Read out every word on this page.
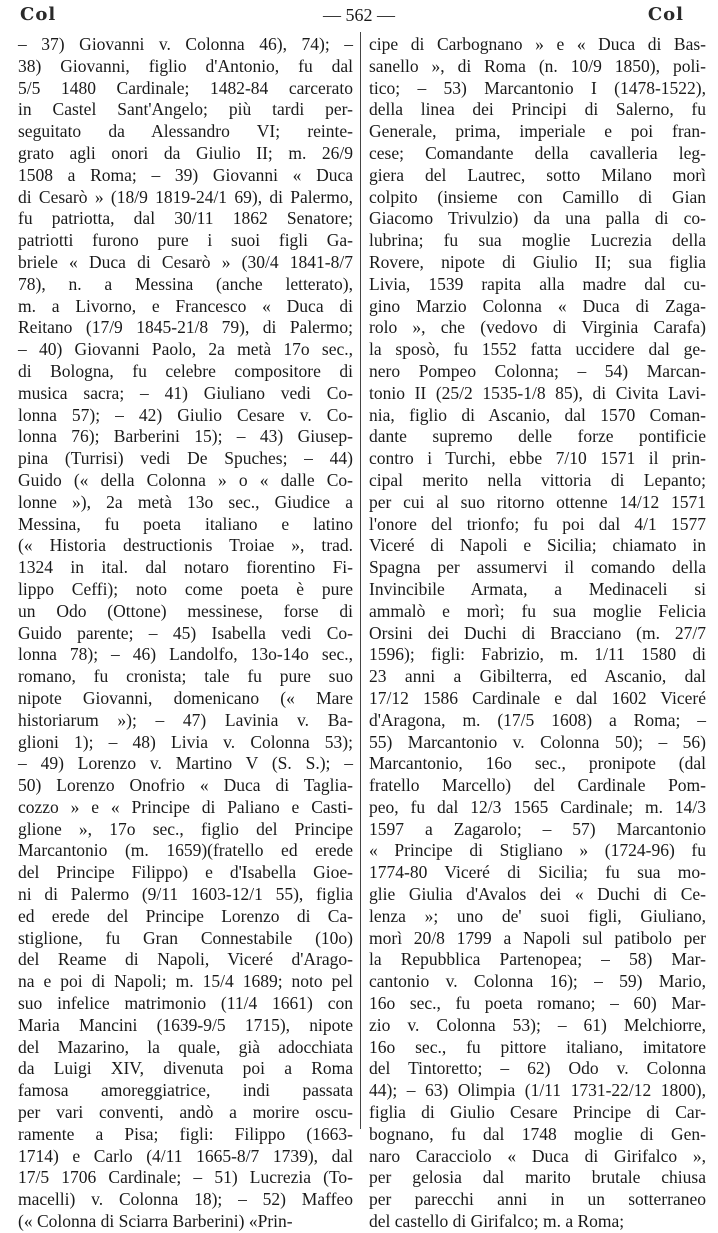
Col	— 562 —	Col
– 37) Giovanni v. Colonna 46), 74); –
38) Giovanni, figlio d'Antonio, fu dal
5/5 1480 Cardinale; 1482-84 carcerato
in Castel Sant'Angelo; più tardi per-
seguitato da Alessandro VI; reinte-
grato agli onori da Giulio II; m. 26/9
1508 a Roma; – 39) Giovanni « Duca
di Cesarò » (18/9 1819-24/1 69), di Palermo,
fu patriotta, dal 30/11 1862 Senatore;
patriotti furono pure i suoi figli Ga-
briele « Duca di Cesarò » (30/4 1841-8/7
78), n. a Messina (anche letterato),
m. a Livorno, e Francesco « Duca di
Reitano (17/9 1845-21/8 79), di Palermo;
– 40) Giovanni Paolo, 2a metà 17o sec.,
di Bologna, fu celebre compositore di
musica sacra; – 41) Giuliano vedi Co-
lonna 57); – 42) Giulio Cesare v. Co-
lonna 76); Barberini 15); – 43) Giusep-
pina (Turrisi) vedi De Spuches; – 44)
Guido (« della Colonna » o « dalle Co-
lonne »), 2a metà 13o sec., Giudice a
Messina, fu poeta italiano e latino
(« Historia destructionis Troiae », trad.
1324 in ital. dal notaro fiorentino Fi-
lippo Ceffi); noto come poeta è pure
un Odo (Ottone) messinese, forse di
Guido parente; – 45) Isabella vedi Co-
lonna 78); – 46) Landolfo, 13o-14o sec.,
romano, fu cronista; tale fu pure suo
nipote Giovanni, domenicano (« Mare
historiarum »); – 47) Lavinia v. Ba-
glioni 1); – 48) Livia v. Colonna 53);
– 49) Lorenzo v. Martino V (S. S.); –
50) Lorenzo Onofrio « Duca di Taglia-
cozzo » e « Principe di Paliano e Casti-
glione », 17o sec., figlio del Principe
Marcantonio (m. 1659)(fratello ed erede
del Principe Filippo) e d'Isabella Gioe-
ni di Palermo (9/11 1603-12/1 55), figlia
ed erede del Principe Lorenzo di Ca-
stiglione, fu Gran Connestabile (10o)
del Reame di Napoli, Viceré d'Arago-
na e poi di Napoli; m. 15/4 1689; noto pel
suo infelice matrimonio (11/4 1661) con
Maria Mancini (1639-9/5 1715), nipote
del Mazarino, la quale, già adocchiata
da Luigi XIV, divenuta poi a Roma
famosa amoreggiatrice, indi passata
per vari conventi, andò a morire oscu-
ramente a Pisa; figli: Filippo (1663-
1714) e Carlo (4/11 1665-8/7 1739), dal
17/5 1706 Cardinale; – 51) Lucrezia (To-
macelli) v. Colonna 18); – 52) Maffeo
(« Colonna di Sciarra Barberini) «Prin-
cipe di Carbognano » e « Duca di Bas-
sanello », di Roma (n. 10/9 1850), poli-
tico; – 53) Marcantonio I (1478-1522),
della linea dei Principi di Salerno, fu
Generale, prima, imperiale e poi fran-
cese; Comandante della cavalleria leg-
giera del Lautrec, sotto Milano morì
colpito (insieme con Camillo di Gian
Giacomo Trivulzio) da una palla di co-
lubrina; fu sua moglie Lucrezia della
Rovere, nipote di Giulio II; sua figlia
Livia, 1539 rapita alla madre dal cu-
gino Marzio Colonna « Duca di Zaga-
rolo », che (vedovo di Virginia Carafa)
la sposò, fu 1552 fatta uccidere dal ge-
nero Pompeo Colonna; – 54) Marcan-
tonio II (25/2 1535-1/8 85), di Civita Lavi-
nia, figlio di Ascanio, dal 1570 Coman-
dante supremo delle forze pontificie
contro i Turchi, ebbe 7/10 1571 il prin-
cipal merito nella vittoria di Lepanto;
per cui al suo ritorno ottenne 14/12 1571
l'onore del trionfo; fu poi dal 4/1 1577
Viceré di Napoli e Sicilia; chiamato in
Spagna per assumervi il comando della
Invincibile Armata, a Medinaceli si
ammalò e morì; fu sua moglie Felicia
Orsini dei Duchi di Bracciano (m. 27/7
1596); figli: Fabrizio, m. 1/11 1580 di
23 anni a Gibilterra, ed Ascanio, dal
17/12 1586 Cardinale e dal 1602 Viceré
d'Aragona, m. (17/5 1608) a Roma; –
55) Marcantonio v. Colonna 50); – 56)
Marcantonio, 16o sec., pronipote (dal
fratello Marcello) del Cardinale Pom-
peo, fu dal 12/3 1565 Cardinale; m. 14/3
1597 a Zagarolo; – 57) Marcantonio
« Principe di Stigliano » (1724-96) fu
1774-80 Viceré di Sicilia; fu sua mo-
glie Giulia d'Avalos dei « Duchi di Ce-
lenza »; uno de' suoi figli, Giuliano,
morì 20/8 1799 a Napoli sul patibolo per
la Repubblica Partenopea; – 58) Mar-
cantonio v. Colonna 16); – 59) Mario,
16o sec., fu poeta romano; – 60) Mar-
zio v. Colonna 53); – 61) Melchiorre,
16o sec., fu pittore italiano, imitatore
del Tintoretto; – 62) Odo v. Colonna
44); – 63) Olimpia (1/11 1731-22/12 1800),
figlia di Giulio Cesare Principe di Car-
bognano, fu dal 1748 moglie di Gen-
naro Caracciolo « Duca di Girifalco »,
per gelosia dal marito brutale chiusa
per parecchi anni in un sotterraneo
del castello di Girifalco; m. a Roma;
